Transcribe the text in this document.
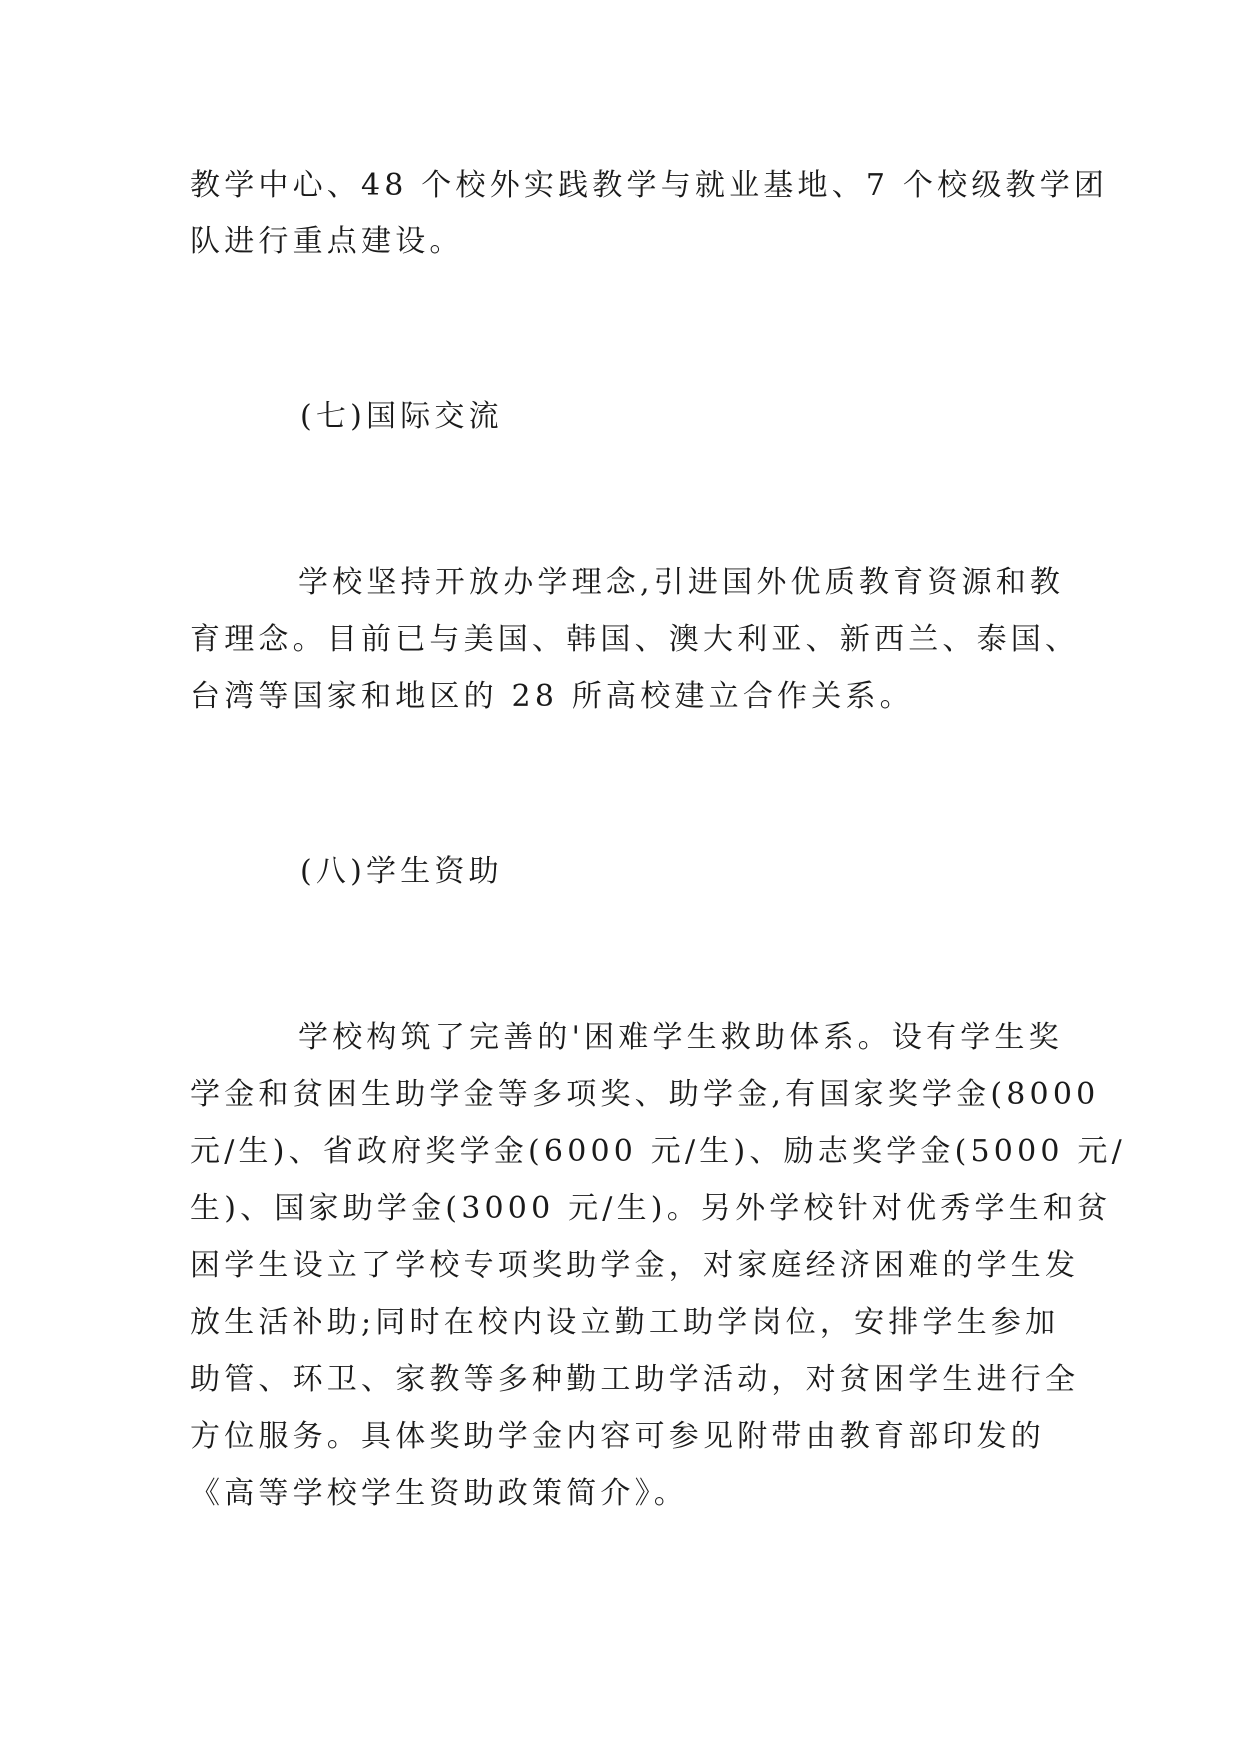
教学中心、48 个校外实践教学与就业基地、7 个校级教学团

队进行重点建设。

(七)国际交流

学校坚持开放办学理念,引进国外优质教育资源和教

育理念。目前已与美国、韩国、澳大利亚、新西兰、泰国、

台湾等国家和地区的 28 所高校建立合作关系。

(八)学生资助

学校构筑了完善的'困难学生救助体系。设有学生奖

学金和贫困生助学金等多项奖、助学金,有国家奖学金(8000

元/生)、省政府奖学金(6000 元/生)、励志奖学金(5000 元/

生)、国家助学金(3000 元/生)。另外学校针对优秀学生和贫

困学生设立了学校专项奖助学金，对家庭经济困难的学生发

放生活补助;同时在校内设立勤工助学岗位，安排学生参加

助管、环卫、家教等多种勤工助学活动，对贫困学生进行全

方位服务。具体奖助学金内容可参见附带由教育部印发的

《高等学校学生资助政策简介》。
